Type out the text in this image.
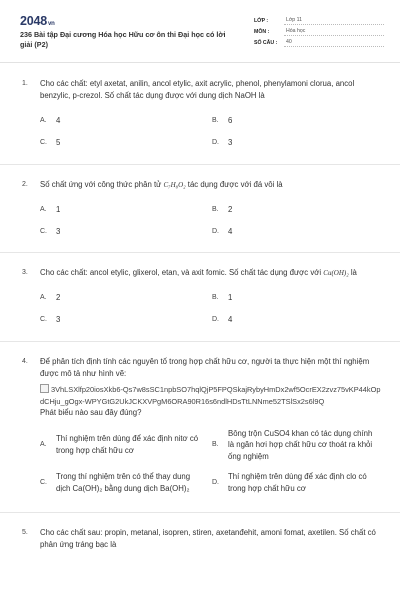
2048vn
236 Bài tập Đại cương Hóa học Hữu cơ ôn thi Đại học có lời giải (P2)
LỚP :	Lớp 11
MÔN :	Hóa học
SỐ CÂU :	40
1. Cho các chất: etyl axetat, anilin, ancol etylic, axit acrylic, phenol, phenylamoni clorua, ancol benzylic, p-crezol. Số chất tác dụng được với dung dịch NaOH là
A.	4	B.	6
C.	5	D.	3
2. Số chất ứng với công thức phân tử C₇H₈O₂ tác dụng được với đá vôi là
A.	1	B.	2
C.	3	D.	4
3. Cho các chất: ancol etylic, glixerol, etan, và axit fomic. Số chất tác dụng được với Cu(OH)₂ là
A.	2	B.	1
C.	3	D.	4
4. Để phân tích định tính các nguyên tố trong hợp chất hữu cơ, người ta thực hiện một thí nghiệm được mô tả như hình vẽ:
3VhLSXlfp20iosXkb6-Qs7w8sSC1npbSO7hqlQjP5FPQSkajRybyHmDx2wf5OcrEX2zvz75vKP44kOpdCHju_gOgx-WPYGtG2UkJCKXVPgM6ORA90R16s6ndlHDsTtLNNme52TSlSx2s6l9Q
Phát biểu nào sau đây đúng?
A.
Thí nghiệm trên dùng để xác định nitơ có trong hợp chất hữu cơ
B.
Bông trộn CuSO4 khan có tác dụng chính là ngăn hơi hợp chất hữu cơ thoát ra khỏi ống nghiệm
C.
Trong thí nghiệm trên có thể thay dung dịch Ca(OH)₂ bằng dung dịch Ba(OH)₂
D.
Thí nghiệm trên dùng để xác định clo có trong hợp chất hữu cơ
5. Cho các chất sau: propin, metanal, isopren, stiren, axetanđehit, amoni fomat, axetilen. Số chất có phản ứng tráng bạc là
